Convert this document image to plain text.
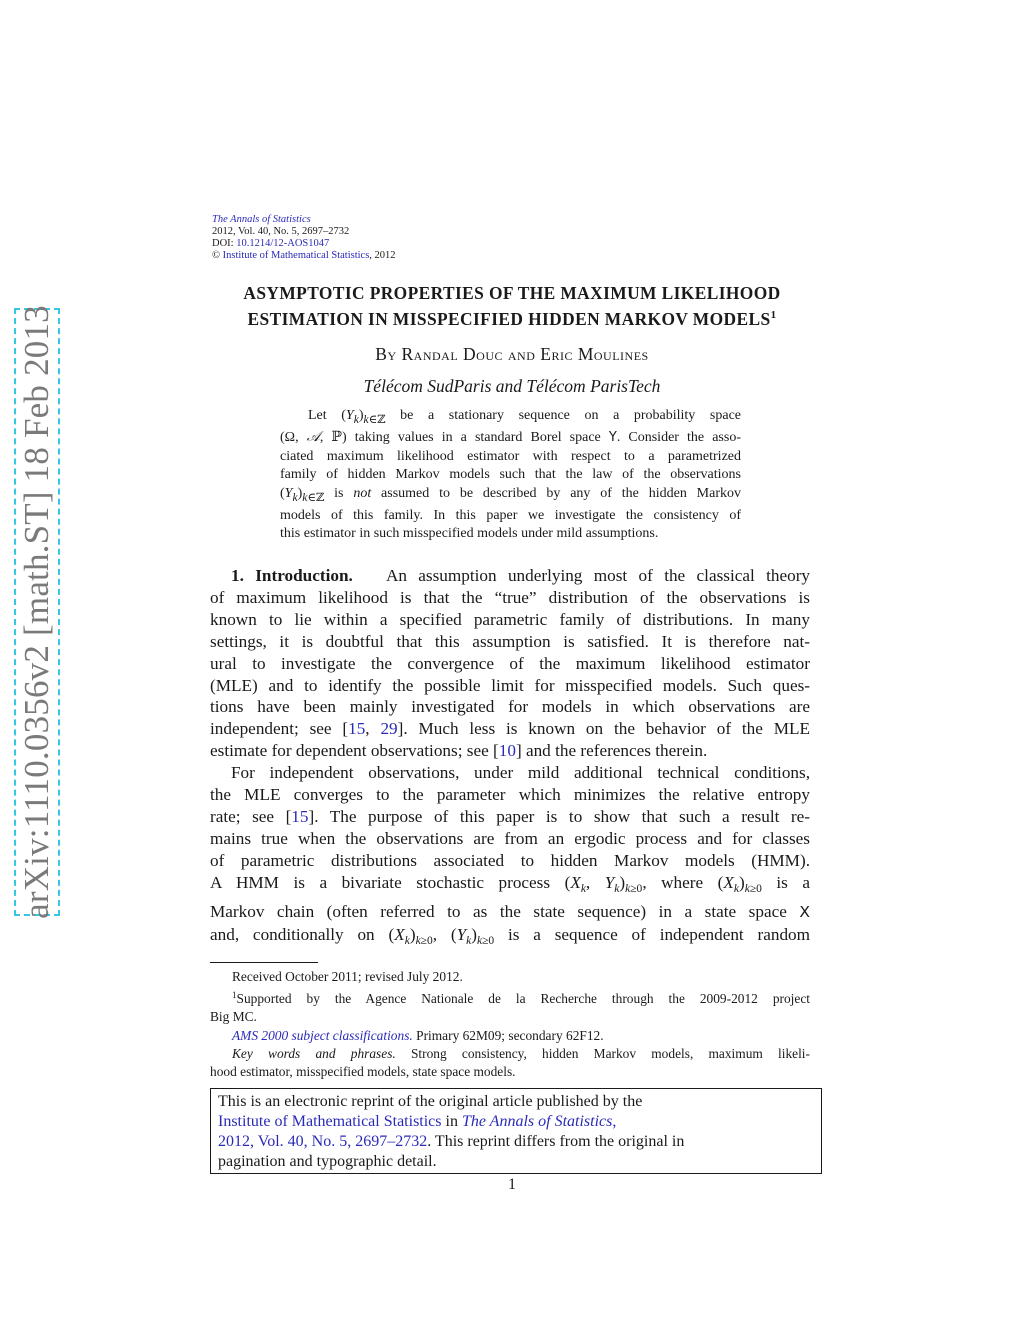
arXiv:1110.0356v2 [math.ST] 18 Feb 2013
The Annals of Statistics
2012, Vol. 40, No. 5, 2697–2732
DOI: 10.1214/12-AOS1047
© Institute of Mathematical Statistics, 2012
ASYMPTOTIC PROPERTIES OF THE MAXIMUM LIKELIHOOD
ESTIMATION IN MISSPECIFIED HIDDEN MARKOV MODELS$^1$
By Randal Douc and Eric Moulines
Télécom SudParis and Télécom ParisTech
Let $(Y_k)_{k\in ℤ}$ be a stationary sequence on a probability space
(Ω, 𝒜, ℙ) taking values in a standard Borel space Y. Consider the asso-
ciated maximum likelihood estimator with respect to a parametrized
family of hidden Markov models such that the law of the observations
$(Y_k)_{k\in ℤ}$ is not assumed to be described by any of the hidden Markov
models of this family. In this paper we investigate the consistency of
this estimator in such misspecified models under mild assumptions.
1. Introduction. An assumption underlying most of the classical theory
of maximum likelihood is that the “true” distribution of the observations is
known to lie within a specified parametric family of distributions. In many
settings, it is doubtful that this assumption is satisfied. It is therefore nat-
ural to investigate the convergence of the maximum likelihood estimator
(MLE) and to identify the possible limit for misspecified models. Such ques-
tions have been mainly investigated for models in which observations are
independent; see [15, 29]. Much less is known on the behavior of the MLE
estimate for dependent observations; see [10] and the references therein.
For independent observations, under mild additional technical conditions,
the MLE converges to the parameter which minimizes the relative entropy
rate; see [15]. The purpose of this paper is to show that such a result re-
mains true when the observations are from an ergodic process and for classes
of parametric distributions associated to hidden Markov models (HMM).
A HMM is a bivariate stochastic process ($X_k$, $Y_k)_{k\ge 0}$, where $(X_k)_{k\ge 0}$ is a
Markov chain (often referred to as the state sequence) in a state space X
and, conditionally on $(X_k)_{k\ge 0}$, $(Y_k)_{k\ge 0}$ is a sequence of independent random
Received October 2011; revised July 2012.
$^1$Supported by the Agence Nationale de la Recherche through the 2009-2012 project
Big MC.
AMS 2000 subject classifications. Primary 62M09; secondary 62F12.
Key words and phrases. Strong consistency, hidden Markov models, maximum likeli-
hood estimator, misspecified models, state space models.
This is an electronic reprint of the original article published by the
Institute of Mathematical Statistics in The Annals of Statistics,
2012, Vol. 40, No. 5, 2697–2732. This reprint differs from the original in
pagination and typographic detail.
1
